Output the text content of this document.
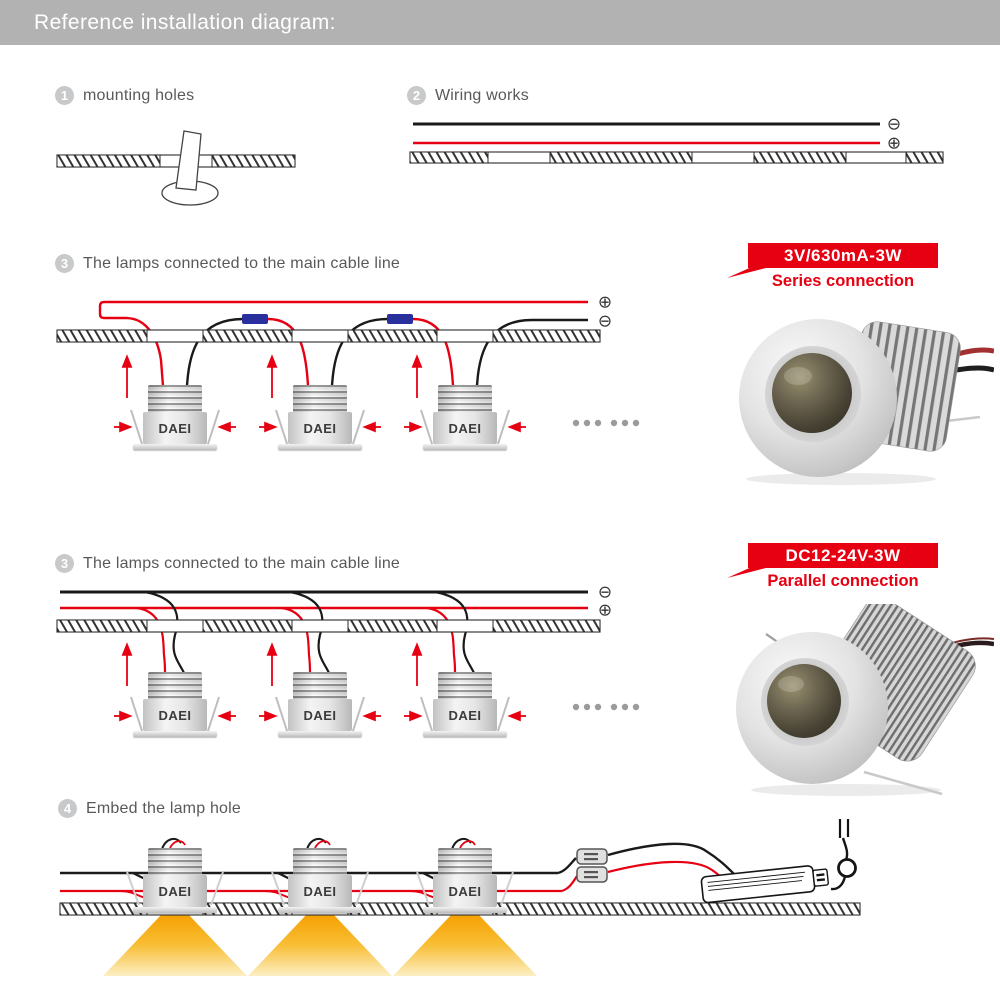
Reference installation diagram:
1 mounting holes	2 Wiring works
3 The lamps connected to the main cable line
3 The lamps connected to the main cable line
4 Embed the lamp hole
3V/630mA-3W
Series connection
DC12-24V-3W
Parallel connection
⊖
⊕
⊕
⊖
⊖
⊕
DAEI	DAEI	DAEI
DAEI	DAEI	DAEI
DAEI	DAEI	DAEI
